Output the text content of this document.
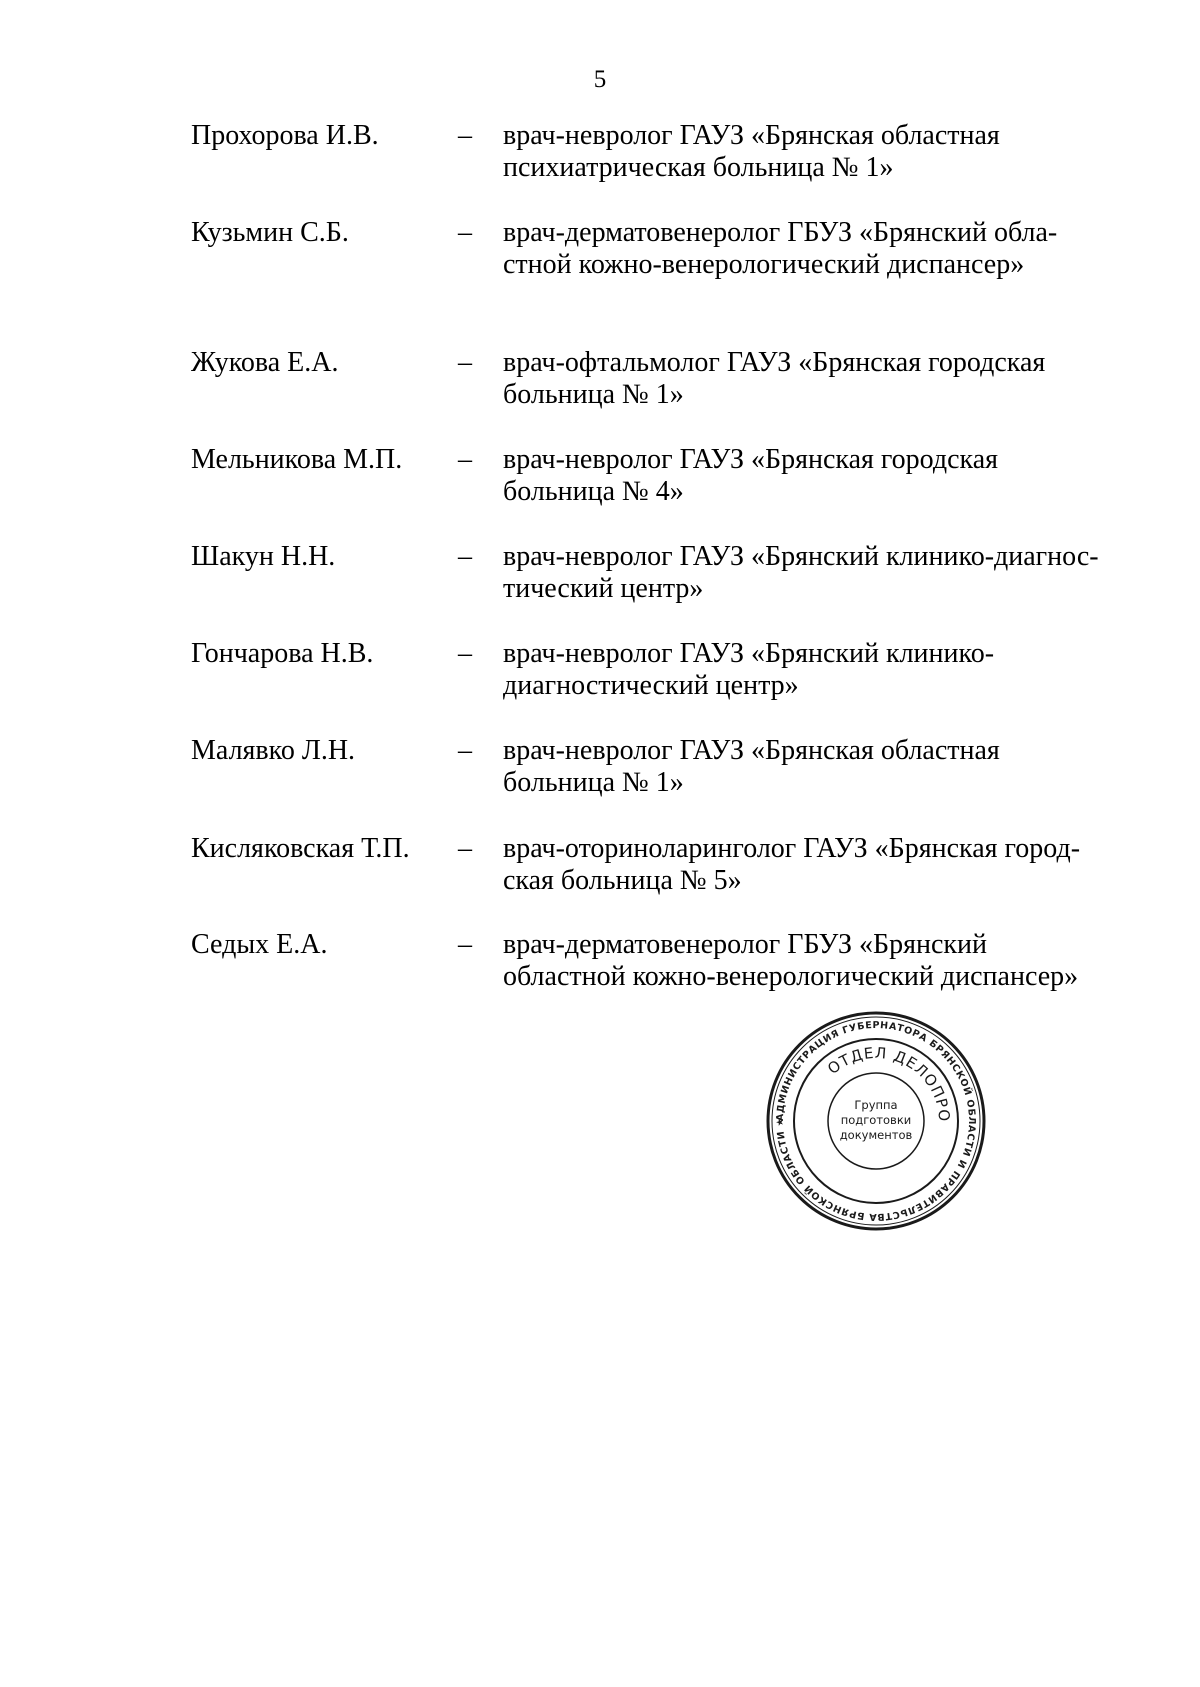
5
Прохорова И.В.	– врач-невролог ГАУЗ «Брянская областная
психиатрическая больница № 1»
Кузьмин С.Б.	– врач-дерматовенеролог ГБУЗ «Брянский обла-
стной кожно-венерологический диспансер»
Жукова Е.А.	– врач-офтальмолог ГАУЗ «Брянская городская
больница № 1»
Мельникова М.П. – врач-невролог ГАУЗ «Брянская городская
больница № 4»
Шакун Н.Н.	– врач-невролог ГАУЗ «Брянский клинико-диагнос-
тический центр»
Гончарова Н.В.	– врач-невролог ГАУЗ «Брянский клинико-
диагностический центр»
Малявко Л.Н.	– врач-невролог ГАУЗ «Брянская областная
больница № 1»
Кисляковская Т.П. – врач-оториноларинголог ГАУЗ «Брянская город-
ская больница № 5»
Седых Е.А.	– врач-дерматовенеролог ГБУЗ «Брянский
областной кожно-венерологический диспансер»
АДМИНИСТРАЦИЯ ГУБЕРНАТОРА БРЯНСКОЙ ОБЛАСТИ И ПРАВИТЕЛЬСТВА БРЯНСКОЙ ОБЛАСТИ ★
ОТДЕЛ ДЕЛОПРО
Группа
подготовки
документов
